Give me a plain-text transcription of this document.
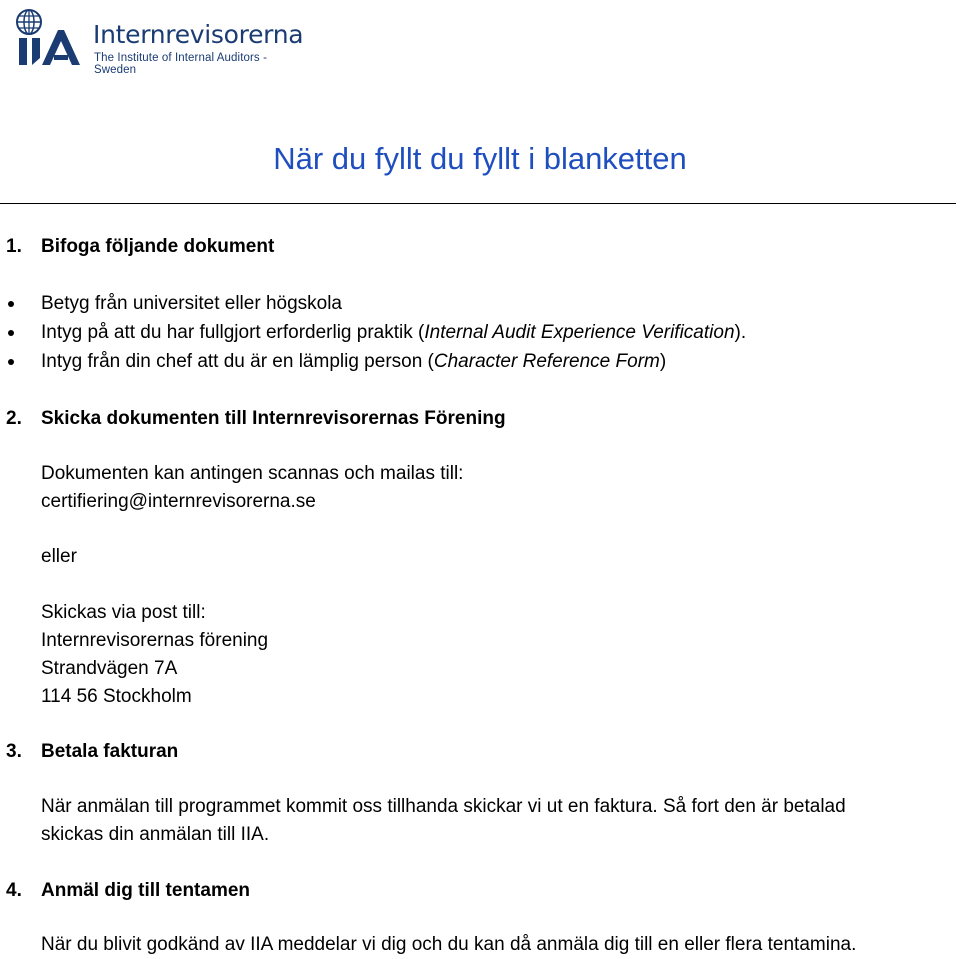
Internrevisorerna
The Institute of Internal Auditors - Sweden
När du fyllt du fyllt i blanketten
1. Bifoga följande dokument
Betyg från universitet eller högskola
Intyg på att du har fullgjort erforderlig praktik (Internal Audit Experience Verification).
Intyg från din chef att du är en lämplig person (Character Reference Form)
2. Skicka dokumenten till Internrevisorernas Förening
Dokumenten kan antingen scannas och mailas till:
certifiering@internrevisorerna.se
eller
Skickas via post till:
Internrevisorernas förening
Strandvägen 7A
114 56 Stockholm
3. Betala fakturan
När anmälan till programmet kommit oss tillhanda skickar vi ut en faktura. Så fort den är betalad
skickas din anmälan till IIA.
4. Anmäl dig till tentamen
När du blivit godkänd av IIA meddelar vi dig och du kan då anmäla dig till en eller flera tentamina.
